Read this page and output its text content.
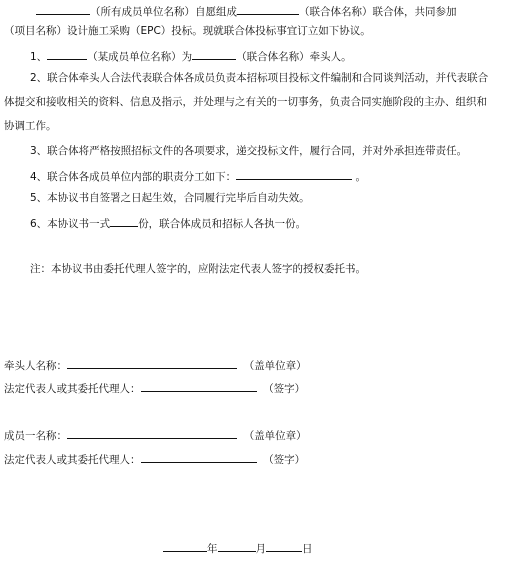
（所有成员单位名称）自愿组成	（联合体名称）联合体，共同参加
（项目名称）设计施工采购（EPC）投标。现就联合体投标事宜订立如下协议。
1、	（某成员单位名称）为	（联合体名称）牵头人。
2、联合体牵头人合法代表联合体各成员负责本招标项目投标文件编制和合同谈判活动，并代表联合
体提交和接收相关的资料、信息及指示，并处理与之有关的一切事务，负责合同实施阶段的主办、组织和
协调工作。
3、联合体将严格按照招标文件的各项要求，递交投标文件，履行合同，并对外承担连带责任。
4、联合体各成员单位内部的职责分工如下：	。
5、本协议书自签署之日起生效，合同履行完毕后自动失效。
6、本协议书一式	份，联合体成员和招标人各执一份。
注：本协议书由委托代理人签字的，应附法定代表人签字的授权委托书。
牵头人名称：	（盖单位章）
法定代表人或其委托代理人：	（签字）
成员一名称：	（盖单位章）
法定代表人或其委托代理人：	（签字）
年	月	日
